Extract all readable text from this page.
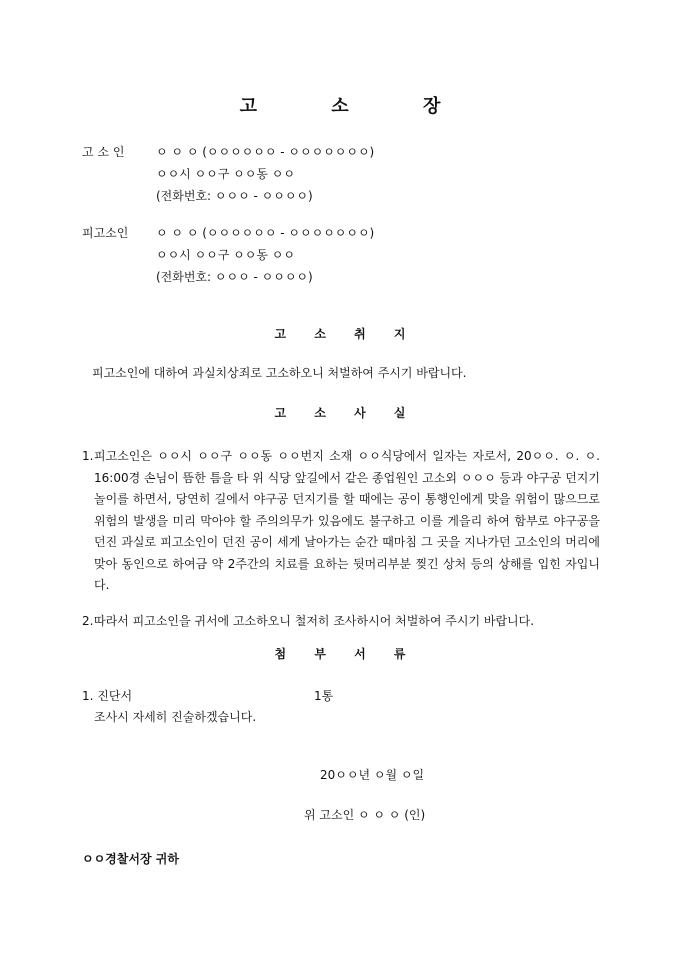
고 소 장
고 소 인	ㅇ ㅇ ㅇ (ㅇㅇㅇㅇㅇㅇ - ㅇㅇㅇㅇㅇㅇㅇ)
ㅇㅇ시 ㅇㅇ구 ㅇㅇ동 ㅇㅇ
(전화번호: ㅇㅇㅇ - ㅇㅇㅇㅇ)
피고소인	ㅇ ㅇ ㅇ (ㅇㅇㅇㅇㅇㅇ - ㅇㅇㅇㅇㅇㅇㅇ)
ㅇㅇ시 ㅇㅇ구 ㅇㅇ동 ㅇㅇ
(전화번호: ㅇㅇㅇ - ㅇㅇㅇㅇ)
고 소 취 지
피고소인에 대하여 과실치상죄로 고소하오니 처벌하여 주시기 바랍니다.
고 소 사 실
1. 피고소인은 ㅇㅇ시 ㅇㅇ구 ㅇㅇ동 ㅇㅇ번지 소재 ㅇㅇ식당에서 일자는 자로서, 20ㅇㅇ. ㅇ. ㅇ. 16:00경 손님이 뜸한 틈을 타 위 식당 앞길에서 같은 종업원인 고소외 ㅇㅇㅇ 등과 야구공 던지기 놀이를 하면서, 당연히 길에서 야구공 던지기를 할 때에는 공이 통행인에게 맞을 위험이 많으므로 위험의 발생을 미리 막아야 할 주의의무가 있음에도 불구하고 이를 게을리 하여 함부로 야구공을 던진 과실로 피고소인이 던진 공이 세게 날아가는 순간 때마침 그 곳을 지나가던 고소인의 머리에 맞아 동인으로 하여금 약 2주간의 치료를 요하는 뒷머리부분 찢긴 상처 등의 상해를 입힌 자입니다.
2. 따라서 피고소인을 귀서에 고소하오니 철저히 조사하시어 처벌하여 주시기 바랍니다.
첨 부 서 류
1. 진단서	1통
조사시 자세히 진술하겠습니다.
20ㅇㅇ년 ㅇ월 ㅇ일
위 고소인 ㅇ ㅇ ㅇ (인)
ㅇㅇ경찰서장 귀하
